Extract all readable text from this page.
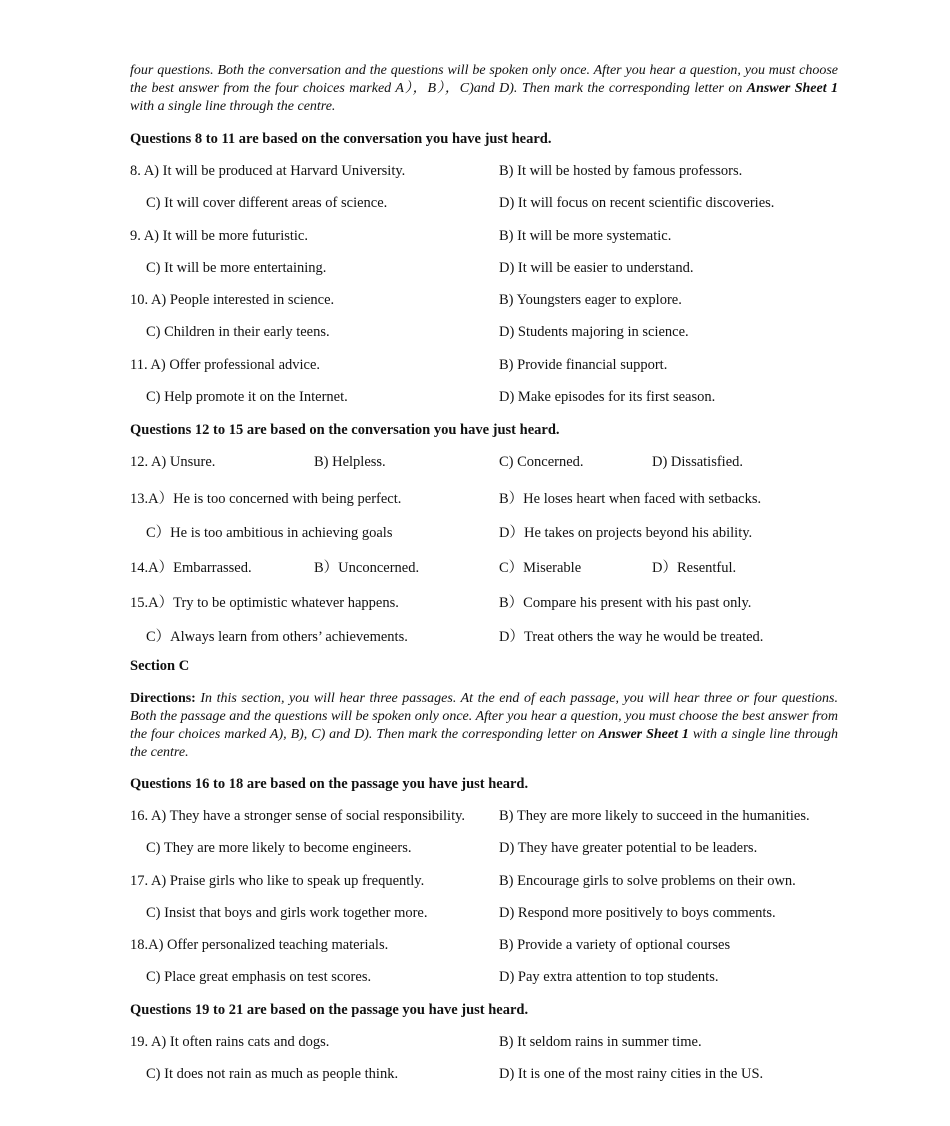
four questions. Both the conversation and the questions will be spoken only once. After you hear a question, you must choose the best answer from the four choices marked A），B），C)and D). Then mark the corresponding letter on Answer Sheet 1 with a single line through the centre.

Questions 8 to 11 are based on the conversation you have just heard.

8. A) It will be produced at Harvard University.	B) It will be hosted by famous professors.
C) It will cover different areas of science.	D) It will focus on recent scientific discoveries.
9. A) It will be more futuristic.	B) It will be more systematic.
C) It will be more entertaining.	D) It will be easier to understand.
10. A) People interested in science.	B) Youngsters eager to explore.
C) Children in their early teens.	D) Students majoring in science.
11. A) Offer professional advice.	B) Provide financial support.
C) Help promote it on the Internet.	D) Make episodes for its first season.

Questions 12 to 15 are based on the conversation you have just heard.

12. A) Unsure.	B) Helpless.	C) Concerned.	D) Dissatisfied.
13.A）He is too concerned with being perfect.	B）He loses heart when faced with setbacks.
C）He is too ambitious in achieving goals	D）He takes on projects beyond his ability.
14.A）Embarrassed.	B）Unconcerned.	C）Miserable	D）Resentful.
15.A）Try to be optimistic whatever happens.	B）Compare his present with his past only.
C）Always learn from others’ achievements.	D）Treat others the way he would be treated.

Section C

Directions: In this section, you will hear three passages. At the end of each passage, you will hear three or four questions. Both the passage and the questions will be spoken only once. After you hear a question, you must choose the best answer from the four choices marked A), B), C) and D). Then mark the corresponding letter on Answer Sheet 1 with a single line through the centre.

Questions 16 to 18 are based on the passage you have just heard.

16. A) They have a stronger sense of social responsibility. B) They are more likely to succeed in the humanities.
C) They are more likely to become engineers.	D) They have greater potential to be leaders.
17. A) Praise girls who like to speak up frequently.	B) Encourage girls to solve problems on their own.
C) Insist that boys and girls work together more.	D) Respond more positively to boys comments.
18.A) Offer personalized teaching materials.	B) Provide a variety of optional courses
C) Place great emphasis on test scores.	D) Pay extra attention to top students.

Questions 19 to 21 are based on the passage you have just heard.

19. A) It often rains cats and dogs.	B) It seldom rains in summer time.
C) It does not rain as much as people think.	D) It is one of the most rainy cities in the US.
